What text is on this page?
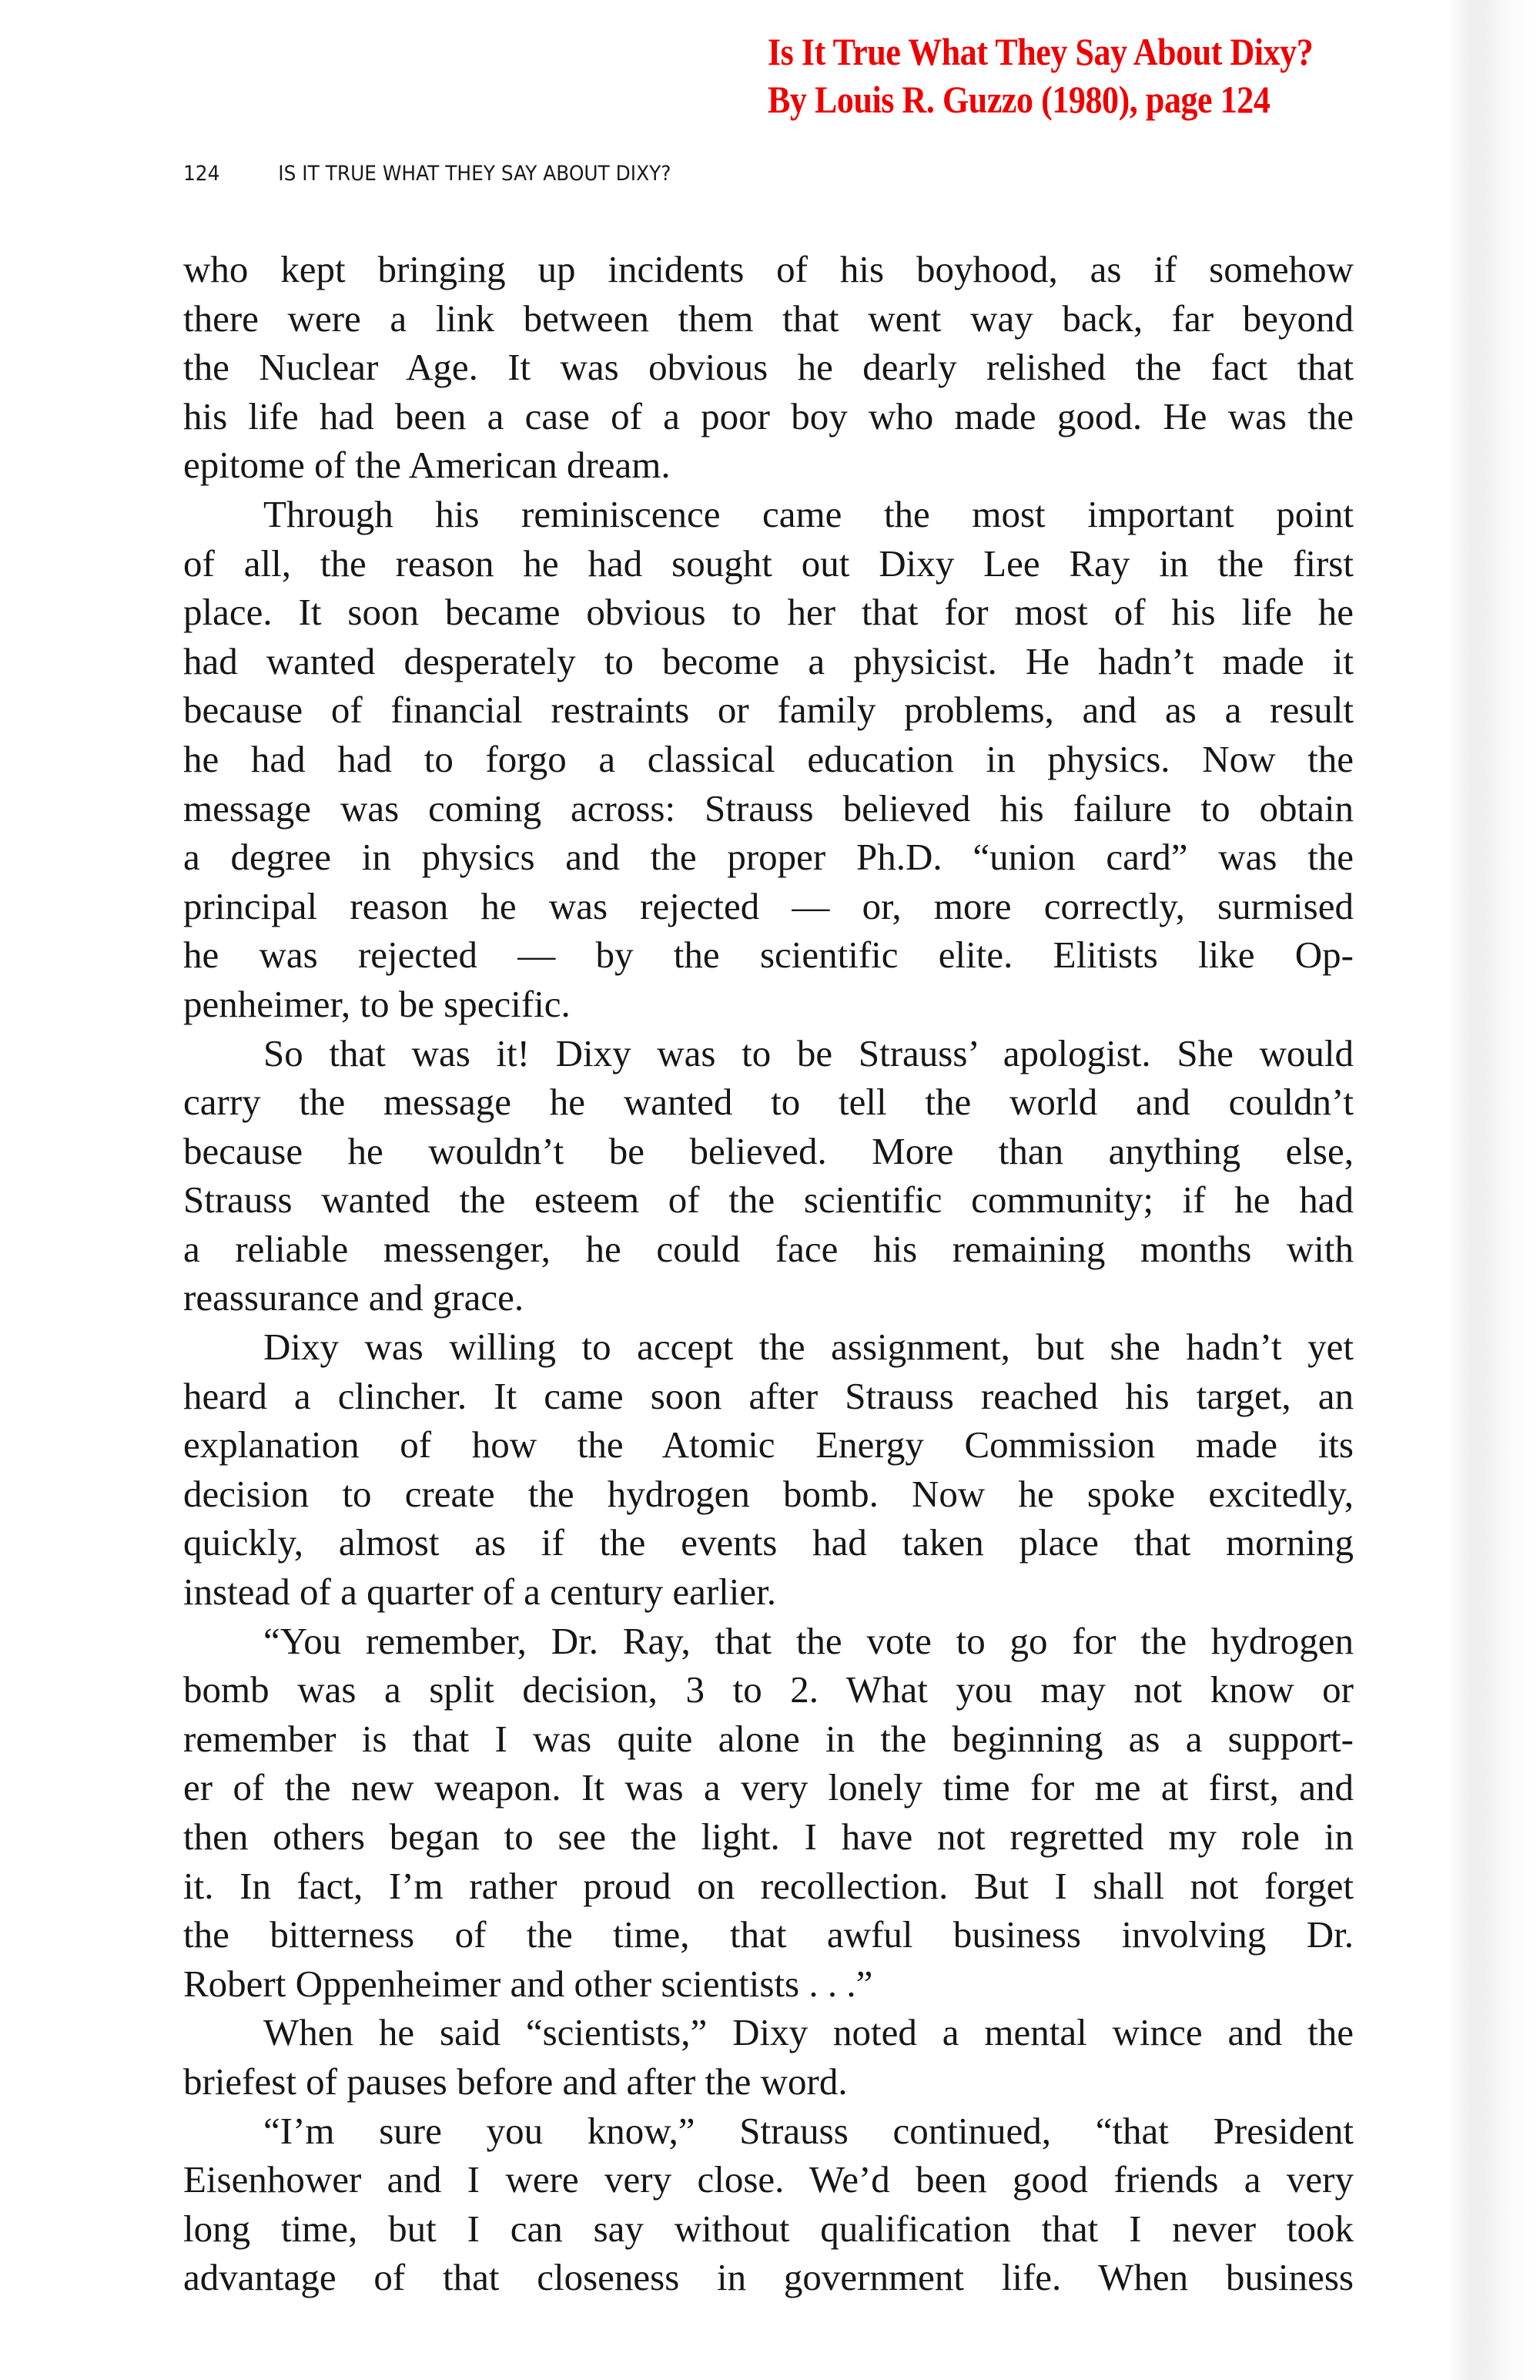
Is It True What They Say About Dixy?
By Louis R. Guzzo (1980), page 124
124	IS IT TRUE WHAT THEY SAY ABOUT DIXY?
who kept bringing up incidents of his boyhood, as if somehow
there were a link between them that went way back, far beyond
the Nuclear Age. It was obvious he dearly relished the fact that
his life had been a case of a poor boy who made good. He was the
epitome of the American dream.
Through his reminiscence came the most important point
of all, the reason he had sought out Dixy Lee Ray in the first
place. It soon became obvious to her that for most of his life he
had wanted desperately to become a physicist. He hadn’t made it
because of financial restraints or family problems, and as a result
he had had to forgo a classical education in physics. Now the
message was coming across: Strauss believed his failure to obtain
a degree in physics and the proper Ph.D. “union card” was the
principal reason he was rejected — or, more correctly, surmised
he was rejected — by the scientific elite. Elitists like Op-
penheimer, to be specific.
So that was it! Dixy was to be Strauss’ apologist. She would
carry the message he wanted to tell the world and couldn’t
because he wouldn’t be believed. More than anything else,
Strauss wanted the esteem of the scientific community; if he had
a reliable messenger, he could face his remaining months with
reassurance and grace.
Dixy was willing to accept the assignment, but she hadn’t yet
heard a clincher. It came soon after Strauss reached his target, an
explanation of how the Atomic Energy Commission made its
decision to create the hydrogen bomb. Now he spoke excitedly,
quickly, almost as if the events had taken place that morning
instead of a quarter of a century earlier.
“You remember, Dr. Ray, that the vote to go for the hydrogen
bomb was a split decision, 3 to 2. What you may not know or
remember is that I was quite alone in the beginning as a support-
er of the new weapon. It was a very lonely time for me at first, and
then others began to see the light. I have not regretted my role in
it. In fact, I’m rather proud on recollection. But I shall not forget
the bitterness of the time, that awful business involving Dr.
Robert Oppenheimer and other scientists . . .”
When he said “scientists,” Dixy noted a mental wince and the
briefest of pauses before and after the word.
“I’m sure you know,” Strauss continued, “that President
Eisenhower and I were very close. We’d been good friends a very
long time, but I can say without qualification that I never took
advantage of that closeness in government life. When business
